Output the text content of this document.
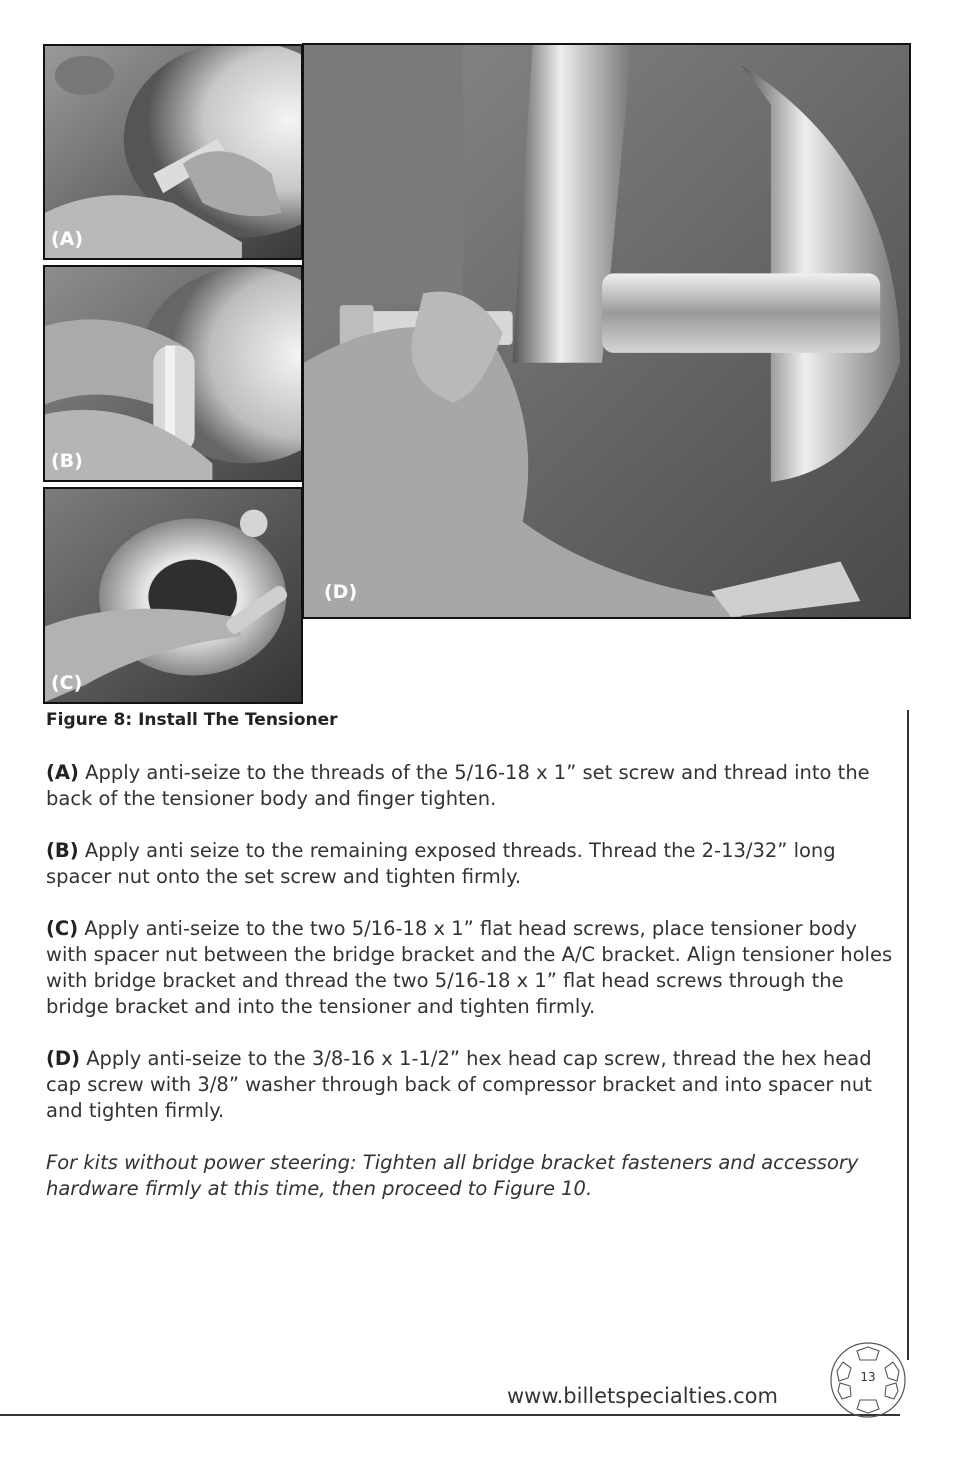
(A)
(B)
(C)
(D)
Figure 8: Install The Tensioner

(A) Apply anti-seize to the threads of the 5/16-18 x 1” set screw and thread into the back of the tensioner body and finger tighten.

(B) Apply anti seize to the remaining exposed threads. Thread the 2-13/32” long spacer nut onto the set screw and tighten firmly.

(C) Apply anti-seize to the two 5/16-18 x 1” flat head screws, place tensioner body with spacer nut between the bridge bracket and the A/C bracket. Align tensioner holes with bridge bracket and thread the two 5/16-18 x 1” flat head screws through the bridge bracket and into the tensioner and tighten firmly.

(D) Apply anti-seize to the 3/8-16 x 1-1/2” hex head cap screw, thread the hex head cap screw with 3/8” washer through back of compressor bracket and into spacer nut and tighten firmly.

For kits without power steering: Tighten all bridge bracket fasteners and accessory hardware firmly at this time, then proceed to Figure 10.

www.billetspecialties.com
13
